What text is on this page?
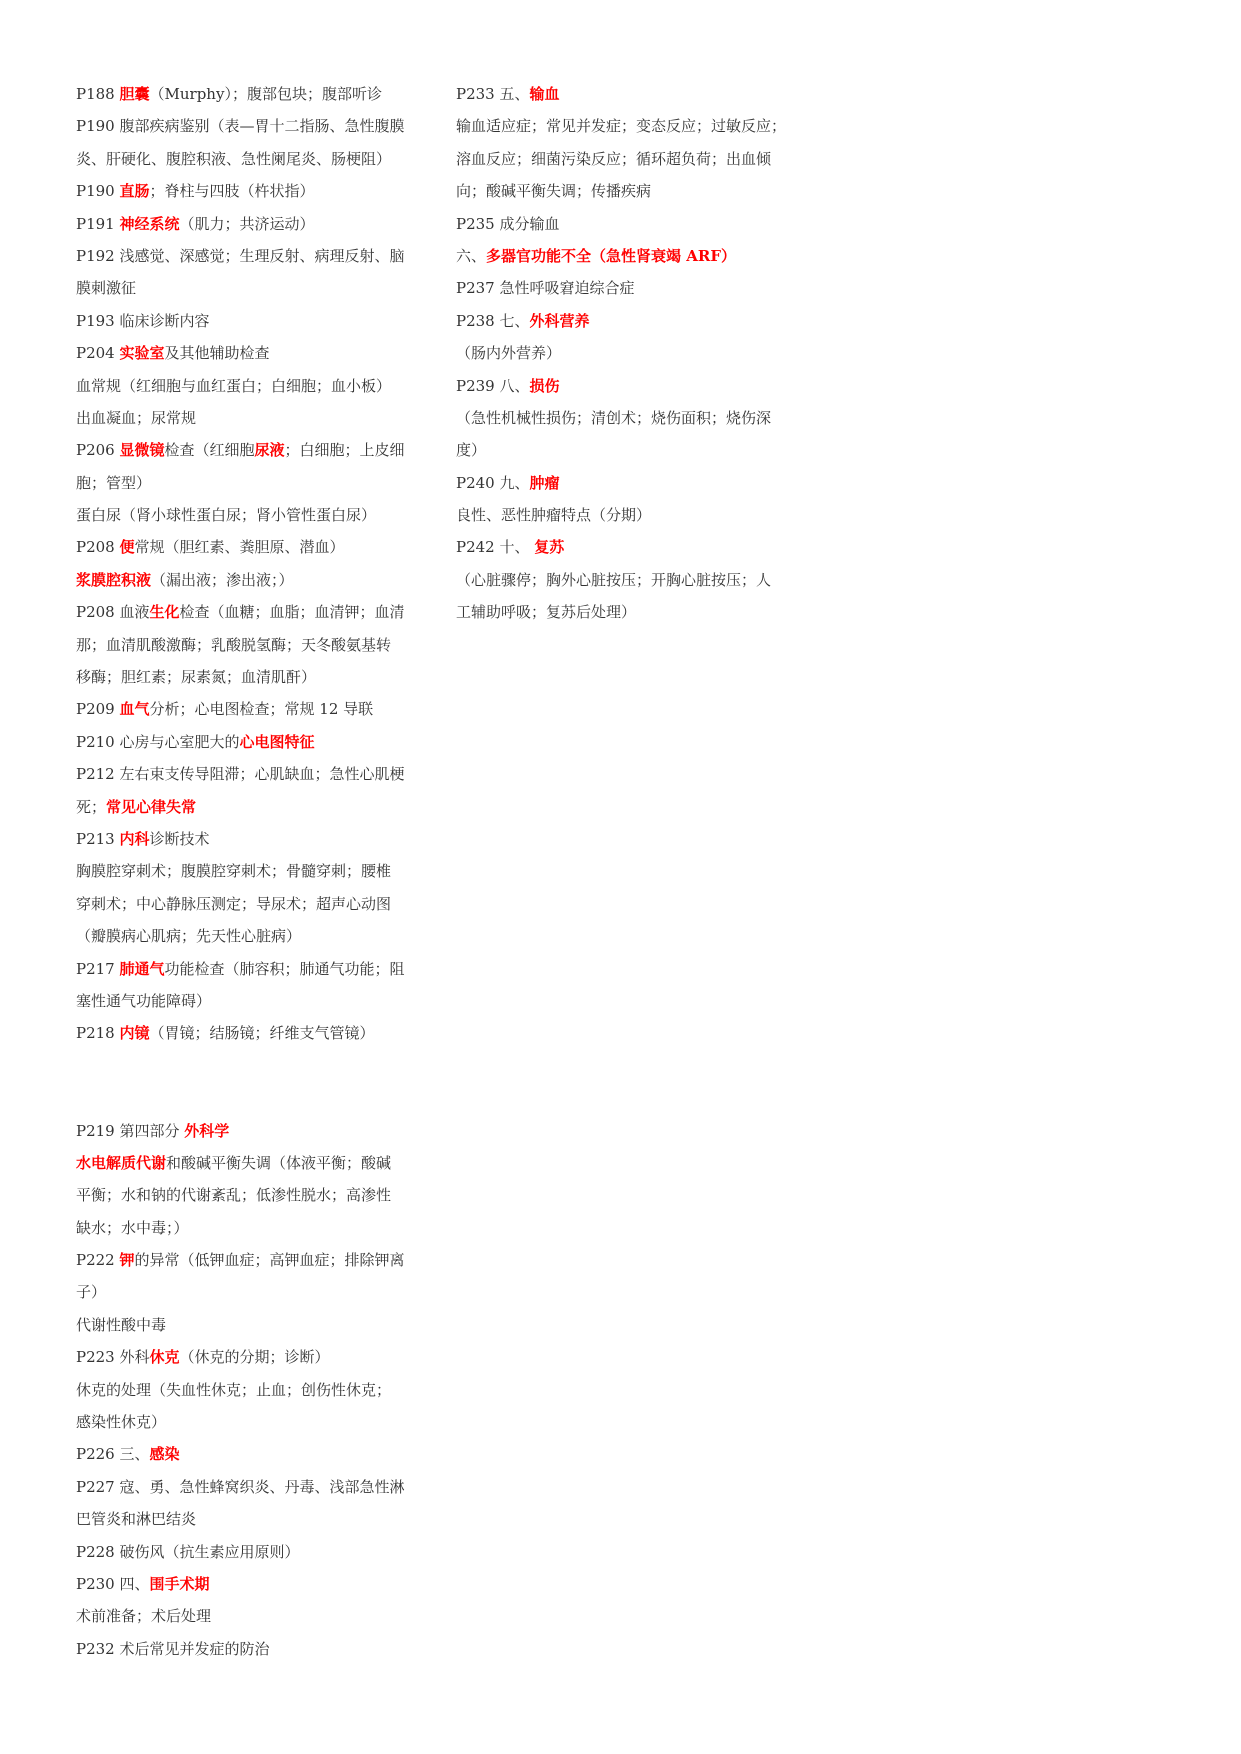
P188 胆囊（Murphy）；腹部包块；腹部听诊
P190 腹部疾病鉴别（表—胃十二指肠、急性腹膜
炎、肝硬化、腹腔积液、急性阑尾炎、肠梗阻）
P190 直肠；脊柱与四肢（杵状指）
P191 神经系统（肌力；共济运动）
P192 浅感觉、深感觉；生理反射、病理反射、脑
膜刺激征
P193 临床诊断内容
P204 实验室及其他辅助检查
血常规（红细胞与血红蛋白；白细胞；血小板）
出血凝血；尿常规
P206 显微镜检查（红细胞尿液；白细胞；上皮细
胞；管型）
蛋白尿（肾小球性蛋白尿；肾小管性蛋白尿）
P208 便常规（胆红素、粪胆原、潜血）
浆膜腔积液（漏出液；渗出液；）
P208 血液生化检查（血糖；血脂；血清钾；血清
那；血清肌酸激酶；乳酸脱氢酶；天冬酸氨基转
移酶；胆红素；尿素氮；血清肌酐）
P209 血气分析；心电图检查；常规 12 导联
P210 心房与心室肥大的心电图特征
P212 左右束支传导阻滞；心肌缺血；急性心肌梗
死；常见心律失常
P213 内科诊断技术
胸膜腔穿刺术；腹膜腔穿刺术；骨髓穿刺；腰椎
穿刺术；中心静脉压测定；导尿术；超声心动图
（瓣膜病心肌病；先天性心脏病）
P217 肺通气功能检查（肺容积；肺通气功能；阻
塞性通气功能障碍）
P218 内镜（胃镜；结肠镜；纤维支气管镜）
P219 第四部分 外科学
水电解质代谢和酸碱平衡失调（体液平衡；酸碱
平衡；水和钠的代谢紊乱；低渗性脱水；高渗性
缺水；水中毒；）
P222 钾的异常（低钾血症；高钾血症；排除钾离
子）
代谢性酸中毒
P223 外科休克（休克的分期；诊断）
休克的处理（失血性休克；止血；创伤性休克；
感染性休克）
P226 三、感染
P227 寇、勇、急性蜂窝织炎、丹毒、浅部急性淋
巴管炎和淋巴结炎
P228 破伤风（抗生素应用原则）
P230 四、围手术期
术前准备；术后处理
P232 术后常见并发症的防治
P233 五、输血
输血适应症；常见并发症；变态反应；过敏反应；
溶血反应；细菌污染反应；循环超负荷；出血倾
向；酸碱平衡失调；传播疾病
P235 成分输血
六、多器官功能不全（急性肾衰竭 ARF）
P237 急性呼吸窘迫综合症
P238 七、外科营养
（肠内外营养）
P239 八、损伤
（急性机械性损伤；清创术；烧伤面积；烧伤深
度）
P240 九、肿瘤
良性、恶性肿瘤特点（分期）
P242 十、 复苏
（心脏骤停；胸外心脏按压；开胸心脏按压；人
工辅助呼吸；复苏后处理）
